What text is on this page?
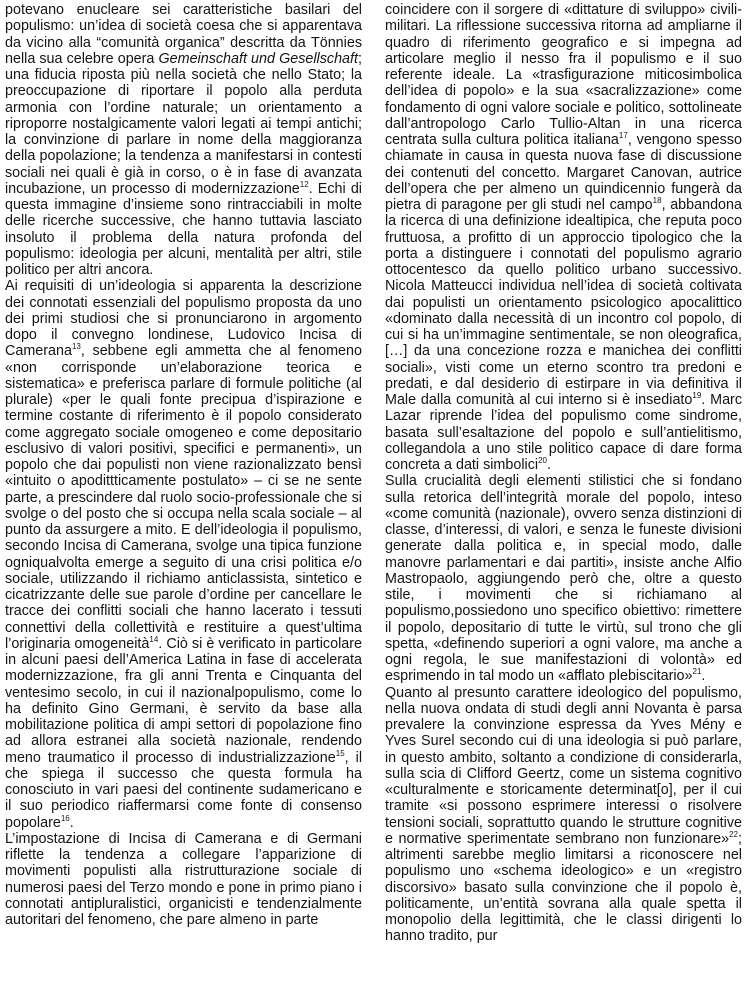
potevano enucleare sei caratteristiche basilari del populismo: un’idea di società coesa che si apparentava da vicino alla “comunità organica” descritta da Tönnies nella sua celebre opera Gemeinschaft und Gesellschaft; una fiducia riposta più nella società che nello Stato; la preoccupazione di riportare il popolo alla perduta armonia con l’ordine naturale; un orientamento a riproporre nostalgicamente valori legati ai tempi antichi; la convinzione di parlare in nome della maggioranza della popolazione; la tendenza a manifestarsi in contesti sociali nei quali è già in corso, o è in fase di avanzata incubazione, un processo di modernizzazione$^{12}$. Echi di questa immagine d’insieme sono rintracciabili in molte delle ricerche successive, che hanno tuttavia lasciato insoluto il problema della natura profonda del populismo: ideologia per alcuni, mentalità per altri, stile politico per altri ancora.

Ai requisiti di un’ideologia si apparenta la descrizione dei connotati essenziali del populismo proposta da uno dei primi studiosi che si pronunciarono in argomento dopo il convegno londinese, Ludovico Incisa di Camerana$^{13}$, sebbene egli ammetta che al fenomeno «non corrisponde un’elaborazione teorica e sistematica» e preferisca parlare di formule politiche (al plurale) «per le quali fonte precipua d’ispirazione e termine costante di riferimento è il popolo considerato come aggregato sociale omogeneo e come depositario esclusivo di valori positivi, specifici e permanenti», un popolo che dai populisti non viene razionalizzato bensì «intuito o apodittticamente postulato» – ci se ne sente parte, a prescindere dal ruolo socio-professionale che si svolge o del posto che si occupa nella scala sociale – al punto da assurgere a mito. E dell’ideologia il populismo, secondo Incisa di Camerana, svolge una tipica funzione ogniqualvolta emerge a seguito di una crisi politica e/o sociale, utilizzando il richiamo anticlassista, sintetico e cicatrizzante delle sue parole d’ordine per cancellare le tracce dei conflitti sociali che hanno lacerato i tessuti connettivi della collettività e restituire a quest’ultima l’originaria omogeneità$^{14}$. Ciò si è verificato in particolare in alcuni paesi dell’America Latina in fase di accelerata modernizzazione, fra gli anni Trenta e Cinquanta del ventesimo secolo, in cui il nazionalpopulismo, come lo ha definito Gino Germani, è servito da base alla mobilitazione politica di ampi settori di popolazione fino ad allora estranei alla società nazionale, rendendo meno traumatico il processo di industrializzazione$^{15}$, il che spiega il successo che questa formula ha conosciuto in vari paesi del continente sudamericano e il suo periodico riaffermarsi come fonte di consenso popolare$^{16}$.

L’impostazione di Incisa di Camerana e di Germani riflette la tendenza a collegare l’apparizione di movimenti populisti alla ristrutturazione sociale di numerosi paesi del Terzo mondo e pone in primo piano i connotati antipluralistici, organicisti e tendenzialmente autoritari del fenomeno, che pare almeno in parte

coincidere con il sorgere di «dittature di sviluppo» civili-militari. La riflessione successiva ritorna ad ampliarne il quadro di riferimento geografico e si impegna ad articolare meglio il nesso fra il populismo e il suo referente ideale. La «trasfigurazione miticosimbolica dell’idea di popolo» e la sua «sacralizzazione» come fondamento di ogni valore sociale e politico, sottolineate dall’antropologo Carlo Tullio-Altan in una ricerca centrata sulla cultura politica italiana$^{17}$, vengono spesso chiamate in causa in questa nuova fase di discussione dei contenuti del concetto. Margaret Canovan, autrice dell’opera che per almeno un quindicennio fungerà da pietra di paragone per gli studi nel campo$^{18}$, abbandona la ricerca di una definizione idealtipica, che reputa poco fruttuosa, a profitto di un approccio tipologico che la porta a distinguere i connotati del populismo agrario ottocentesco da quello politico urbano successivo. Nicola Matteucci individua nell’idea di società coltivata dai populisti un orientamento psicologico apocalittico «dominato dalla necessità di un incontro col popolo, di cui si ha un’immagine sentimentale, se non oleografica, […] da una concezione rozza e manichea dei conflitti sociali», visti come un eterno scontro tra predoni e predati, e dal desiderio di estirpare in via definitiva il Male dalla comunità al cui interno si è insediato$^{19}$. Marc Lazar riprende l’idea del populismo come sindrome, basata sull’esaltazione del popolo e sull’antielitismo, collegandola a uno stile politico capace di dare forma concreta a dati simbolici$^{20}$.

Sulla crucialità degli elementi stilistici che si fondano sulla retorica dell’integrità morale del popolo, inteso «come comunità (nazionale), ovvero senza distinzioni di classe, d’interessi, di valori, e senza le funeste divisioni generate dalla politica e, in special modo, dalle manovre parlamentari e dai partiti», insiste anche Alfio Mastropaolo, aggiungendo però che, oltre a questo stile, i movimenti che si richiamano al populismo,possiedono uno specifico obiettivo: rimettere il popolo, depositario di tutte le virtù, sul trono che gli spetta, «definendo superiori a ogni valore, ma anche a ogni regola, le sue manifestazioni di volontà» ed esprimendo in tal modo un «afflato plebiscitario»$^{21}$.

Quanto al presunto carattere ideologico del populismo, nella nuova ondata di studi degli anni Novanta è parsa prevalere la convinzione espressa da Yves Mény e Yves Surel secondo cui di una ideologia si può parlare, in questo ambito, soltanto a condizione di considerarla, sulla scia di Clifford Geertz, come un sistema cognitivo «culturalmente e storicamente determinat[o], per il cui tramite «si possono esprimere interessi o risolvere tensioni sociali, soprattutto quando le strutture cognitive e normative sperimentate sembrano non funzionare»$^{22}$; altrimenti sarebbe meglio limitarsi a riconoscere nel populismo uno «schema ideologico» e un «registro discorsivo» basato sulla convinzione che il popolo è, politicamente, un’entità sovrana alla quale spetta il monopolio della legittimità, che le classi dirigenti lo hanno tradito, pur
